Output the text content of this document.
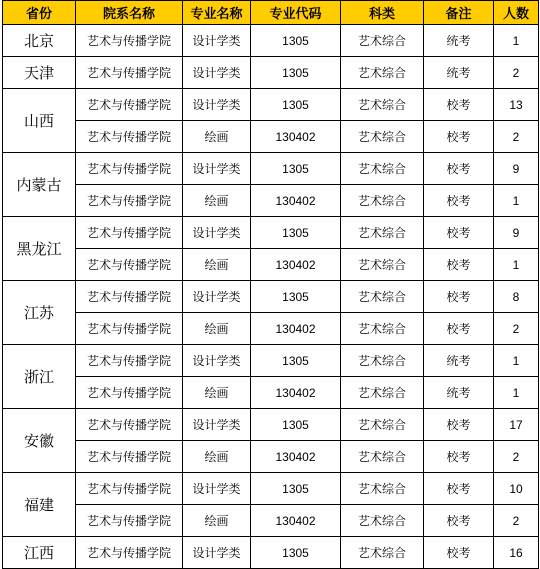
省份	院系名称	专业名称	专业代码	科类	备注	人数
北京	艺术与传播学院	设计学类	1305	艺术综合	统考	1
天津	艺术与传播学院	设计学类	1305	艺术综合	统考	2
山西	艺术与传播学院	设计学类	1305	艺术综合	校考	13
	艺术与传播学院	绘画	130402	艺术综合	校考	2
内蒙古	艺术与传播学院	设计学类	1305	艺术综合	校考	9
	艺术与传播学院	绘画	130402	艺术综合	校考	1
黑龙江	艺术与传播学院	设计学类	1305	艺术综合	校考	9
	艺术与传播学院	绘画	130402	艺术综合	校考	1
江苏	艺术与传播学院	设计学类	1305	艺术综合	校考	8
	艺术与传播学院	绘画	130402	艺术综合	校考	2
浙江	艺术与传播学院	设计学类	1305	艺术综合	统考	1
	艺术与传播学院	绘画	130402	艺术综合	统考	1
安徽	艺术与传播学院	设计学类	1305	艺术综合	校考	17
	艺术与传播学院	绘画	130402	艺术综合	校考	2
福建	艺术与传播学院	设计学类	1305	艺术综合	校考	10
	艺术与传播学院	绘画	130402	艺术综合	校考	2
江西	艺术与传播学院	设计学类	1305	艺术综合	校考	16
